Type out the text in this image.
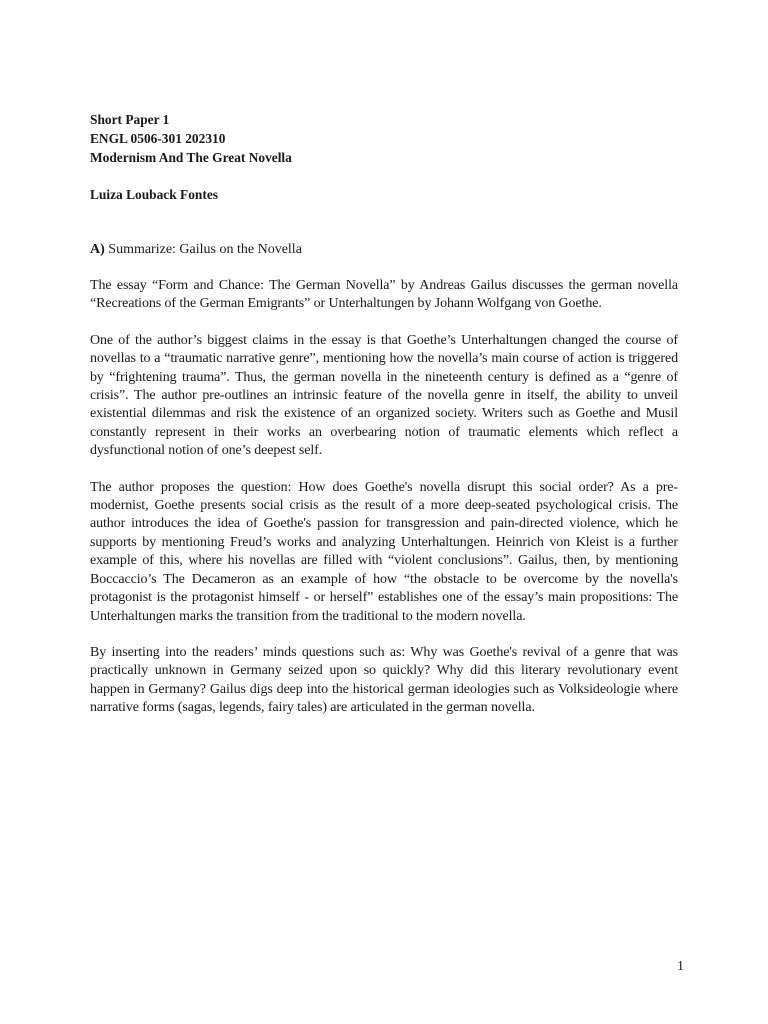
Short Paper 1

ENGL 0506-301 202310

Modernism And The Great Novella

Luiza Louback Fontes

A) Summarize: Gailus on the Novella

The essay “Form and Chance: The German Novella” by Andreas Gailus discusses the german novella “Recreations of the German Emigrants” or Unterhaltungen by Johann Wolfgang von Goethe.

One of the author’s biggest claims in the essay is that Goethe’s Unterhaltungen changed the course of novellas to a “traumatic narrative genre”, mentioning how the novella’s main course of action is triggered by “frightening trauma”. Thus, the german novella in the nineteenth century is defined as a “genre of crisis”. The author pre-outlines an intrinsic feature of the novella genre in itself, the ability to unveil existential dilemmas and risk the existence of an organized society. Writers such as Goethe and Musil constantly represent in their works an overbearing notion of traumatic elements which reflect a dysfunctional notion of one’s deepest self.

The author proposes the question: How does Goethe's novella disrupt this social order? As a pre-modernist, Goethe presents social crisis as the result of a more deep-seated psychological crisis. The author introduces the idea of Goethe's passion for transgression and pain-directed violence, which he supports by mentioning Freud’s works and analyzing Unterhaltungen. Heinrich von Kleist is a further example of this, where his novellas are filled with “violent conclusions”. Gailus, then, by mentioning Boccaccio’s The Decameron as an example of how “the obstacle to be overcome by the novella's protagonist is the protagonist himself - or herself” establishes one of the essay’s main propositions: The Unterhaltungen marks the transition from the traditional to the modern novella.

By inserting into the readers’ minds questions such as: Why was Goethe's revival of a genre that was practically unknown in Germany seized upon so quickly? Why did this literary revolutionary event happen in Germany? Gailus digs deep into the historical german ideologies such as Volksideologie where narrative forms (sagas, legends, fairy tales) are articulated in the german novella.

1
